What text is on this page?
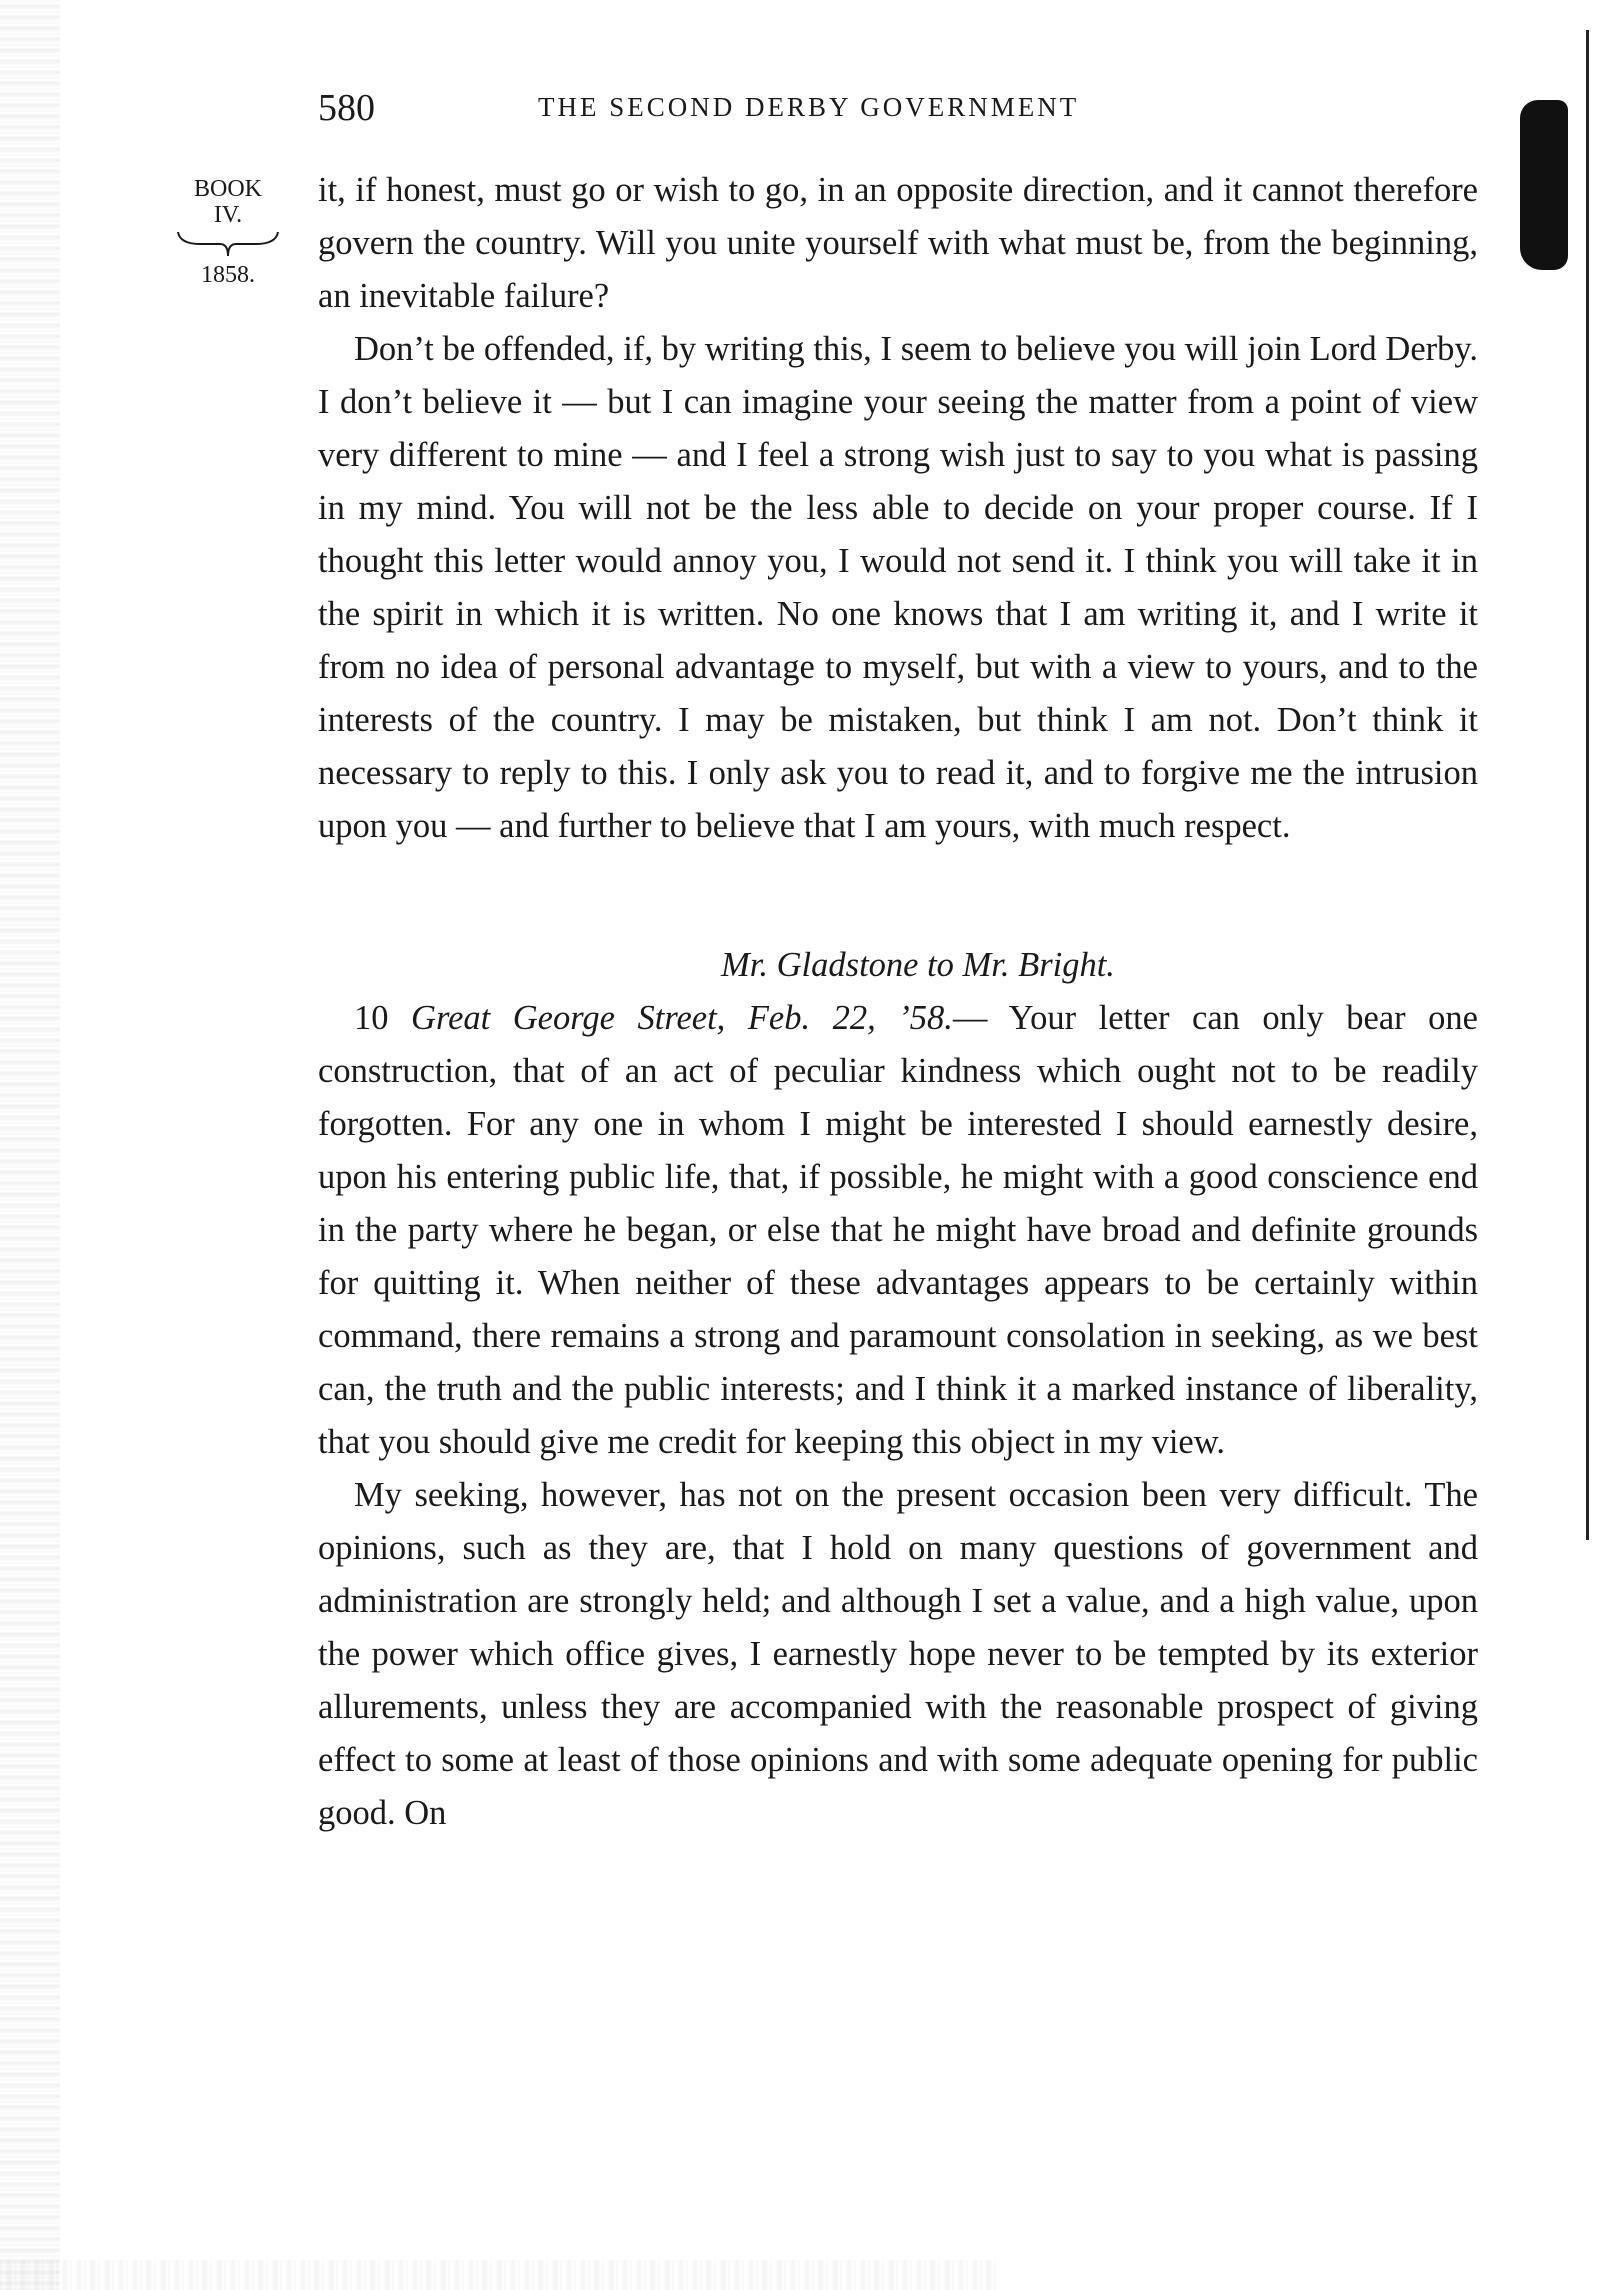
580	THE SECOND DERBY GOVERNMENT
BOOK
IV.
1858.

it, if honest, must go or wish to go, in an opposite direction, and it cannot therefore govern the country. Will you unite yourself with what must be, from the beginning, an inevitable failure?

Don’t be offended, if, by writing this, I seem to believe you will join Lord Derby. I don’t believe it — but I can imagine your seeing the matter from a point of view very different to mine — and I feel a strong wish just to say to you what is passing in my mind. You will not be the less able to decide on your proper course. If I thought this letter would annoy you, I would not send it. I think you will take it in the spirit in which it is written. No one knows that I am writing it, and I write it from no idea of personal advantage to myself, but with a view to yours, and to the interests of the country. I may be mistaken, but think I am not. Don’t think it necessary to reply to this. I only ask you to read it, and to forgive me the intrusion upon you — and further to believe that I am yours, with much respect.

Mr. Gladstone to Mr. Bright.

10 Great George Street, Feb. 22, ’58.— Your letter can only bear one construction, that of an act of peculiar kindness which ought not to be readily forgotten. For any one in whom I might be interested I should earnestly desire, upon his entering public life, that, if possible, he might with a good conscience end in the party where he began, or else that he might have broad and definite grounds for quitting it. When neither of these advantages appears to be certainly within command, there remains a strong and paramount consolation in seeking, as we best can, the truth and the public interests; and I think it a marked instance of liberality, that you should give me credit for keeping this object in my view.

My seeking, however, has not on the present occasion been very difficult. The opinions, such as they are, that I hold on many questions of government and administration are strongly held; and although I set a value, and a high value, upon the power which office gives, I earnestly hope never to be tempted by its exterior allurements, unless they are accompanied with the reasonable prospect of giving effect to some at least of those opinions and with some adequate opening for public good. On
